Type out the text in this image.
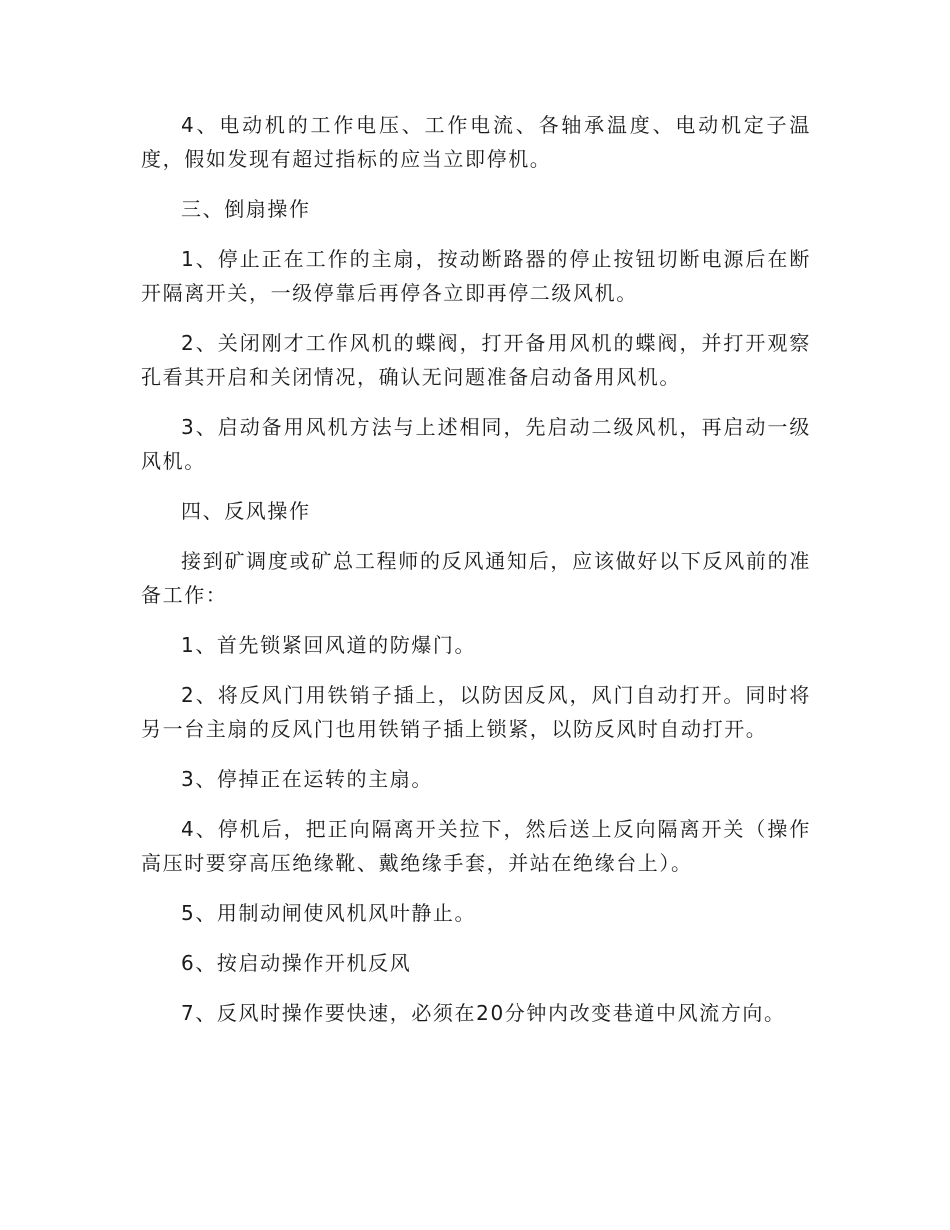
4、电动机的工作电压、工作电流、各轴承温度、电动机定子温度，假如发现有超过指标的应当立即停机。

三、倒扇操作

1、停止正在工作的主扇，按动断路器的停止按钮切断电源后在断开隔离开关，一级停靠后再停各立即再停二级风机。

2、关闭刚才工作风机的蝶阀，打开备用风机的蝶阀，并打开观察孔看其开启和关闭情况，确认无问题准备启动备用风机。

3、启动备用风机方法与上述相同，先启动二级风机，再启动一级风机。

四、反风操作

接到矿调度或矿总工程师的反风通知后，应该做好以下反风前的准备工作：

1、首先锁紧回风道的防爆门。

2、将反风门用铁销子插上，以防因反风，风门自动打开。同时将另一台主扇的反风门也用铁销子插上锁紧，以防反风时自动打开。

3、停掉正在运转的主扇。

4、停机后，把正向隔离开关拉下，然后送上反向隔离开关（操作高压时要穿高压绝缘靴、戴绝缘手套，并站在绝缘台上）。

5、用制动闸使风机风叶静止。

6、按启动操作开机反风

7、反风时操作要快速，必须在20分钟内改变巷道中风流方向。
